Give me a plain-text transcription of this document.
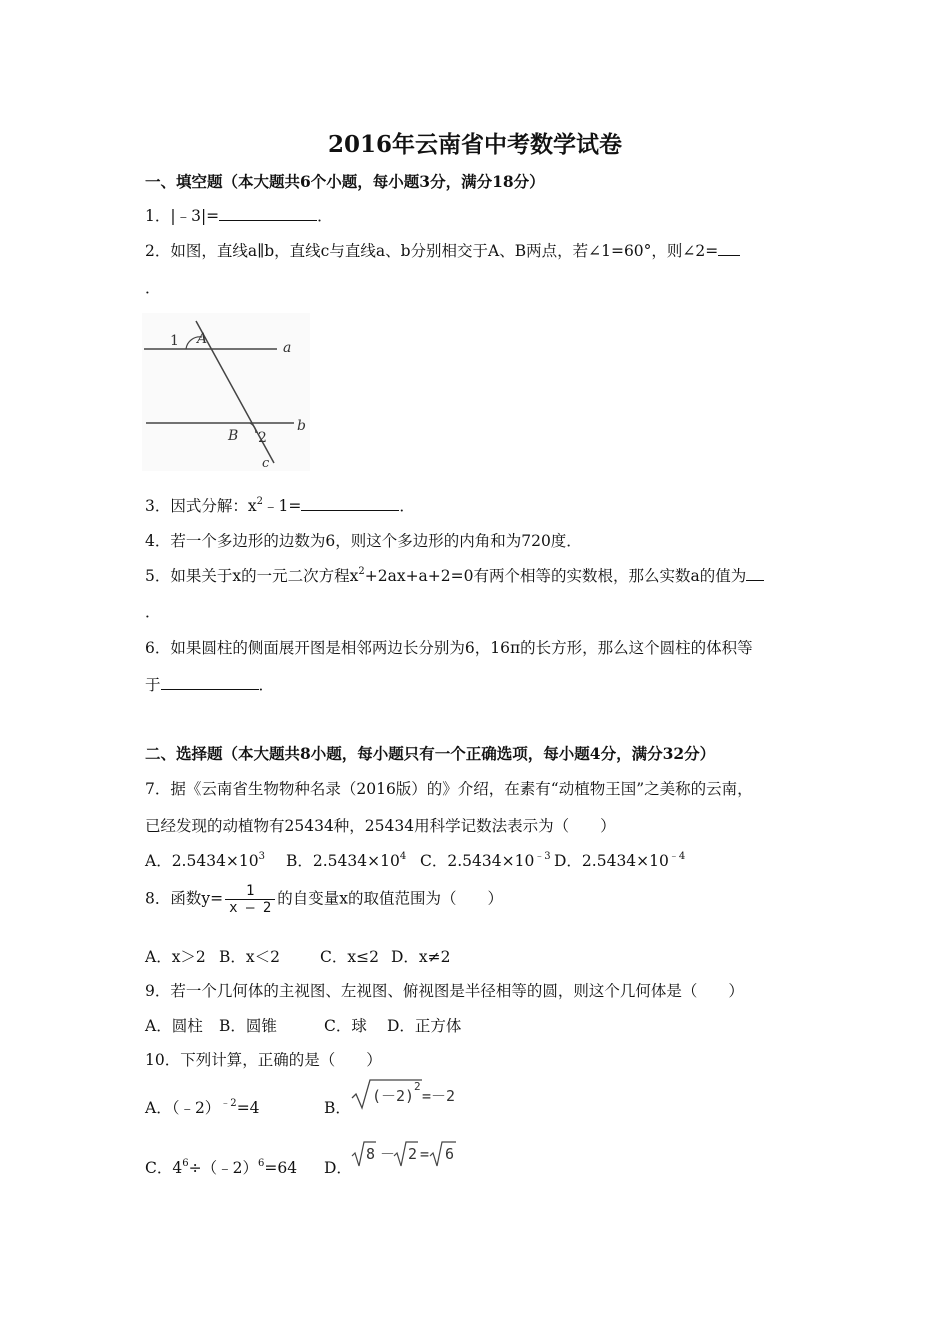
2016年云南省中考数学试卷
一、填空题（本大题共6个小题，每小题3分，满分18分）
1．|﹣3|=	．
2．如图，直线a∥b，直线c与直线a、b分别相交于A、B两点，若∠1=60°，则∠2=
．
1 A
a
B 2
b
c
3．因式分解：$x^2﹣1=$	．
4．若一个多边形的边数为6，则这个多边形的内角和为720度．
5．如果关于x的一元二次方程$x^2+2ax+a+2=0$有两个相等的实数根，那么实数a的值为
．
6．如果圆柱的侧面展开图是相邻两边长分别为6，16π的长方形，那么这个圆柱的体积等
于	．
二、选择题（本大题共8小题，每小题只有一个正确选项，每小题4分，满分32分）
7．据《云南省生物物种名录（2016版）的》介绍，在素有“动植物王国”之美称的云南，
已经发现的动植物有25434种，25434用科学记数法表示为（　　）
A．$2.5434\times 10^3$ B．$2.5434\times 10^4$ C．$2.5434\times 10^{﹣3}$ D．$2.5434\times 10^{﹣4}$
8．函数$y= \frac{1}{x - 2}$ 的自变量x的取值范围为（　　）
A．x＞2 B．x＜2	C．x≤2 D．x≠2
9．若一个几何体的主视图、左视图、俯视图是半径相等的圆，则这个几何体是（　　）
A．圆柱 B．圆锥	C．球 D．正方体
10．下列计算，正确的是（　　）
A．（﹣2）$^{﹣2}$=4	B．
(－2)
2
=－2
C．$4^6\div(﹣2)^6=64$ D．
8 － 2 = 6
